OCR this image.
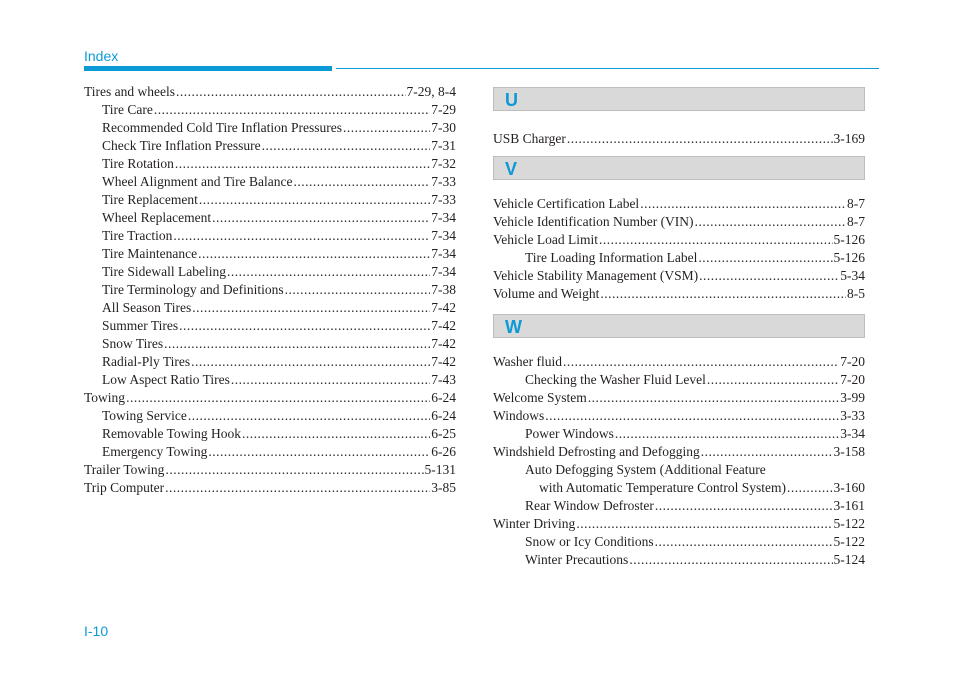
Index
Tires and wheels .....	7-29, 8-4
Tire Care .....	7-29
Recommended Cold Tire Inflation Pressures .....	7-30
Check Tire Inflation Pressure .....	7-31
Tire Rotation .....	7-32
Wheel Alignment and Tire Balance .....	7-33
Tire Replacement .....	7-33
Wheel Replacement .....	7-34
Tire Traction .....	7-34
Tire Maintenance .....	7-34
Tire Sidewall Labeling .....	7-34
Tire Terminology and Definitions .....	7-38
All Season Tires .....	7-42
Summer Tires .....	7-42
Snow Tires .....	7-42
Radial-Ply Tires .....	7-42
Low Aspect Ratio Tires .....	7-43
Towing .....	6-24
Towing Service .....	6-24
Removable Towing Hook .....	6-25
Emergency Towing .....	6-26
Trailer Towing .....	5-131
Trip Computer .....	3-85
U
USB Charger .....	3-169
V
Vehicle Certification Label .....	8-7
Vehicle Identification Number (VIN) .....	8-7
Vehicle Load Limit .....	5-126
Tire Loading Information Label .....	5-126
Vehicle Stability Management (VSM) .....	5-34
Volume and Weight .....	8-5
W
Washer fluid .....	7-20
Checking the Washer Fluid Level .....	7-20
Welcome System .....	3-99
Windows .....	3-33
Power Windows .....	3-34
Windshield Defrosting and Defogging .....	3-158
Auto Defogging System (Additional Feature
with Automatic Temperature Control System) .....	3-160
Rear Window Defroster .....	3-161
Winter Driving .....	5-122
Snow or Icy Conditions .....	5-122
Winter Precautions .....	5-124
I-10
